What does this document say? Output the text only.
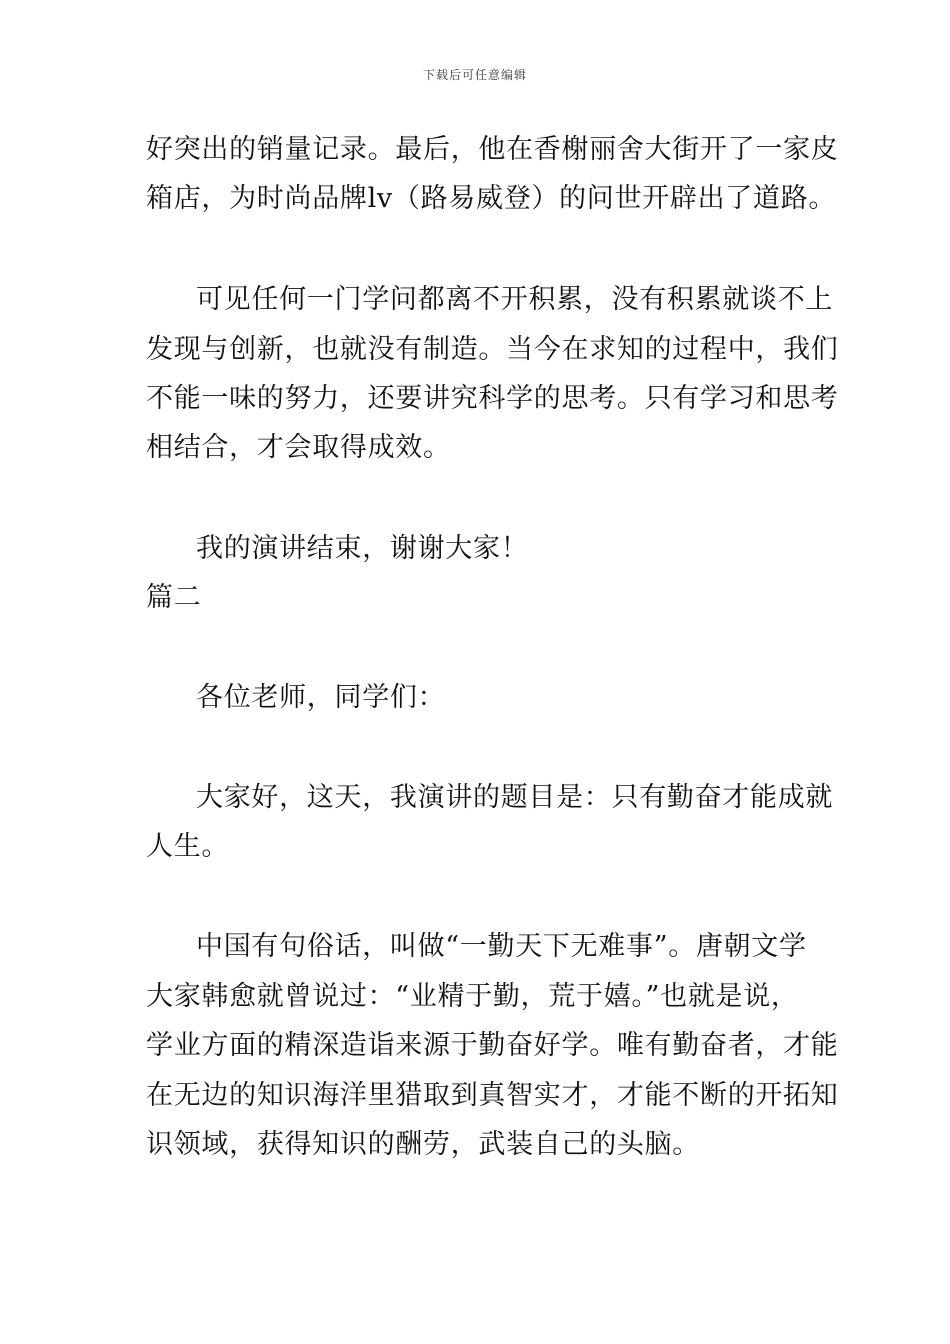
下载后可任意编辑
好突出的销量记录。最后，他在香榭丽舍大街开了一家皮
箱店，为时尚品牌lv（路易威登）的问世开辟出了道路。
可见任何一门学问都离不开积累，没有积累就谈不上
发现与创新，也就没有制造。当今在求知的过程中，我们
不能一味的努力，还要讲究科学的思考。只有学习和思考
相结合，才会取得成效。
我的演讲结束，谢谢大家！
篇二
各位老师，同学们：
大家好，这天，我演讲的题目是：只有勤奋才能成就
人生。
中国有句俗话，叫做“一勤天下无难事”。唐朝文学
大家韩愈就曾说过：“业精于勤，荒于嬉。”也就是说，
学业方面的精深造诣来源于勤奋好学。唯有勤奋者，才能
在无边的知识海洋里猎取到真智实才，才能不断的开拓知
识领域，获得知识的酬劳，武装自己的头脑。
